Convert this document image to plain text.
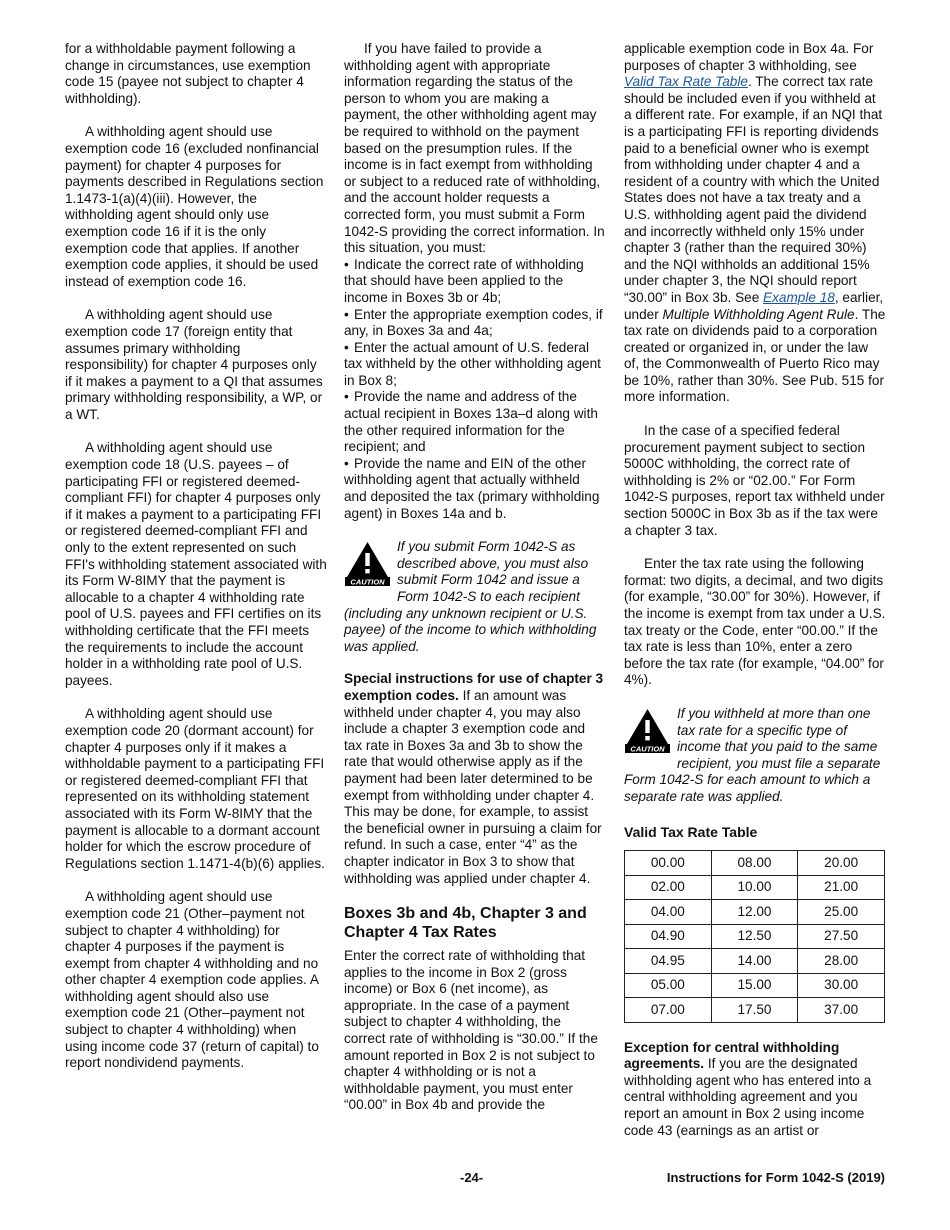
for a withholdable payment following a change in circumstances, use exemption code 15 (payee not subject to chapter 4 withholding).

A withholding agent should use exemption code 16 (excluded nonfinancial payment) for chapter 4 purposes for payments described in Regulations section 1.1473-1(a)(4)(iii). However, the withholding agent should only use exemption code 16 if it is the only exemption code that applies. If another exemption code applies, it should be used instead of exemption code 16.

A withholding agent should use exemption code 17 (foreign entity that assumes primary withholding responsibility) for chapter 4 purposes only if it makes a payment to a QI that assumes primary withholding responsibility, a WP, or a WT.

A withholding agent should use exemption code 18 (U.S. payees – of participating FFI or registered deemed-compliant FFI) for chapter 4 purposes only if it makes a payment to a participating FFI or registered deemed-compliant FFI and only to the extent represented on such FFI's withholding statement associated with its Form W-8IMY that the payment is allocable to a chapter 4 withholding rate pool of U.S. payees and FFI certifies on its withholding certificate that the FFI meets the requirements to include the account holder in a withholding rate pool of U.S. payees.

A withholding agent should use exemption code 20 (dormant account) for chapter 4 purposes only if it makes a withholdable payment to a participating FFI or registered deemed-compliant FFI that represented on its withholding statement associated with its Form W-8IMY that the payment is allocable to a dormant account holder for which the escrow procedure of Regulations section 1.1471-4(b)(6) applies.

A withholding agent should use exemption code 21 (Other–payment not subject to chapter 4 withholding) for chapter 4 purposes if the payment is exempt from chapter 4 withholding and no other chapter 4 exemption code applies. A withholding agent should also use exemption code 21 (Other–payment not subject to chapter 4 withholding) when using income code 37 (return of capital) to report nondividend payments.

If you have failed to provide a withholding agent with appropriate information regarding the status of the person to whom you are making a payment, the other withholding agent may be required to withhold on the payment based on the presumption rules. If the income is in fact exempt from withholding or subject to a reduced rate of withholding, and the account holder requests a corrected form, you must submit a Form 1042-S providing the correct information. In this situation, you must:

• Indicate the correct rate of withholding that should have been applied to the income in Boxes 3b or 4b;
• Enter the appropriate exemption codes, if any, in Boxes 3a and 4a;
• Enter the actual amount of U.S. federal tax withheld by the other withholding agent in Box 8;
• Provide the name and address of the actual recipient in Boxes 13a–d along with the other required information for the recipient; and
• Provide the name and EIN of the other withholding agent that actually withheld and deposited the tax (primary withholding agent) in Boxes 14a and b.
CAUTION
If you submit Form 1042-S as described above, you must also submit Form 1042 and issue a Form 1042-S to each recipient (including any unknown recipient or U.S. payee) of the income to which withholding was applied.

Special instructions for use of chapter 3 exemption codes. If an amount was withheld under chapter 4, you may also include a chapter 3 exemption code and tax rate in Boxes 3a and 3b to show the rate that would otherwise apply as if the payment had been later determined to be exempt from withholding under chapter 4. This may be done, for example, to assist the beneficial owner in pursuing a claim for refund. In such a case, enter “4” as the chapter indicator in Box 3 to show that withholding was applied under chapter 4.

Boxes 3b and 4b, Chapter 3 and Chapter 4 Tax Rates

Enter the correct rate of withholding that applies to the income in Box 2 (gross income) or Box 6 (net income), as appropriate. In the case of a payment subject to chapter 4 withholding, the correct rate of withholding is “30.00.” If the amount reported in Box 2 is not subject to chapter 4 withholding or is not a withholdable payment, you must enter “00.00” in Box 4b and provide the

applicable exemption code in Box 4a. For purposes of chapter 3 withholding, see Valid Tax Rate Table. The correct tax rate should be included even if you withheld at a different rate. For example, if an NQI that is a participating FFI is reporting dividends paid to a beneficial owner who is exempt from withholding under chapter 4 and a resident of a country with which the United States does not have a tax treaty and a U.S. withholding agent paid the dividend and incorrectly withheld only 15% under chapter 3 (rather than the required 30%) and the NQI withholds an additional 15% under chapter 3, the NQI should report “30.00” in Box 3b. See Example 18, earlier, under Multiple Withholding Agent Rule. The tax rate on dividends paid to a corporation created or organized in, or under the law of, the Commonwealth of Puerto Rico may be 10%, rather than 30%. See Pub. 515 for more information.

In the case of a specified federal procurement payment subject to section 5000C withholding, the correct rate of withholding is 2% or “02.00.” For Form 1042-S purposes, report tax withheld under section 5000C in Box 3b as if the tax were a chapter 3 tax.

Enter the tax rate using the following format: two digits, a decimal, and two digits (for example, “30.00” for 30%). However, if the income is exempt from tax under a U.S. tax treaty or the Code, enter “00.00.” If the tax rate is less than 10%, enter a zero before the tax rate (for example, “04.00” for 4%).

CAUTION
If you withheld at more than one tax rate for a specific type of income that you paid to the same recipient, you must file a separate Form 1042-S for each amount to which a separate rate was applied.
Valid Tax Rate Table
00.00	08.00	20.00
02.00	10.00	21.00
04.00	12.00	25.00
04.90	12.50	27.50
04.95	14.00	28.00
05.00	15.00	30.00
07.00	17.50	37.00

Exception for central withholding agreements. If you are the designated withholding agent who has entered into a central withholding agreement and you report an amount in Box 2 using income code 43 (earnings as an artist or

-24-	Instructions for Form 1042-S (2019)
